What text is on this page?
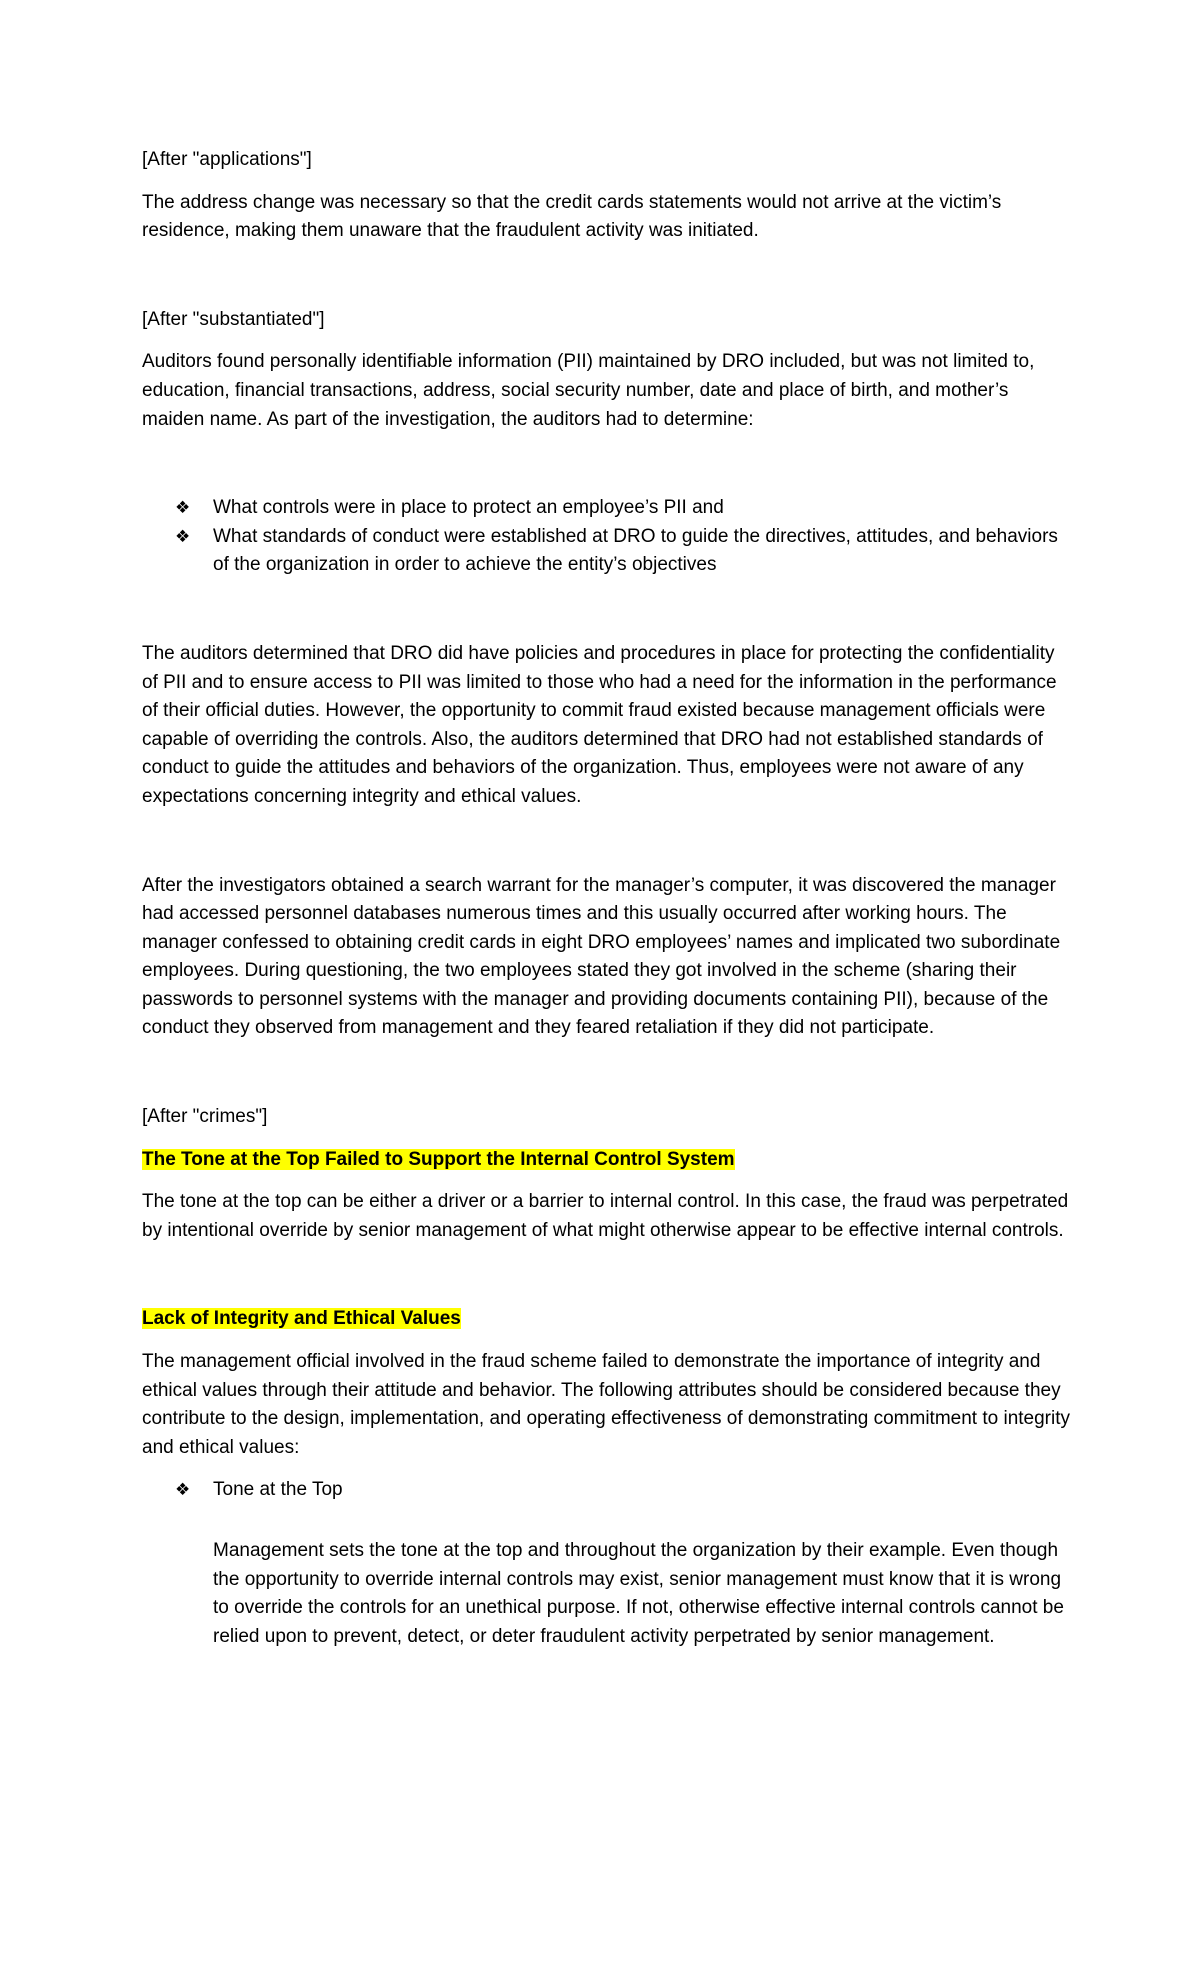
[After "applications"]

The address change was necessary so that the credit cards statements would not arrive at the victim’s residence, making them unaware that the fraudulent activity was initiated.

[After "substantiated"]

Auditors found personally identifiable information (PII) maintained by DRO included, but was not limited to, education, financial transactions, address, social security number, date and place of birth, and mother’s maiden name. As part of the investigation, the auditors had to determine:

❖ What controls were in place to protect an employee’s PII and
❖ What standards of conduct were established at DRO to guide the directives, attitudes, and behaviors of the organization in order to achieve the entity’s objectives

The auditors determined that DRO did have policies and procedures in place for protecting the confidentiality of PII and to ensure access to PII was limited to those who had a need for the information in the performance of their official duties. However, the opportunity to commit fraud existed because management officials were capable of overriding the controls. Also, the auditors determined that DRO had not established standards of conduct to guide the attitudes and behaviors of the organization. Thus, employees were not aware of any expectations concerning integrity and ethical values.

After the investigators obtained a search warrant for the manager’s computer, it was discovered the manager had accessed personnel databases numerous times and this usually occurred after working hours. The manager confessed to obtaining credit cards in eight DRO employees’ names and implicated two subordinate employees. During questioning, the two employees stated they got involved in the scheme (sharing their passwords to personnel systems with the manager and providing documents containing PII), because of the conduct they observed from management and they feared retaliation if they did not participate.

[After "crimes"]

The Tone at the Top Failed to Support the Internal Control System

The tone at the top can be either a driver or a barrier to internal control. In this case, the fraud was perpetrated by intentional override by senior management of what might otherwise appear to be effective internal controls.

Lack of Integrity and Ethical Values

The management official involved in the fraud scheme failed to demonstrate the importance of integrity and ethical values through their attitude and behavior. The following attributes should be considered because they contribute to the design, implementation, and operating effectiveness of demonstrating commitment to integrity and ethical values:

❖ Tone at the Top

Management sets the tone at the top and throughout the organization by their example. Even though the opportunity to override internal controls may exist, senior management must know that it is wrong to override the controls for an unethical purpose. If not, otherwise effective internal controls cannot be relied upon to prevent, detect, or deter fraudulent activity perpetrated by senior management.
